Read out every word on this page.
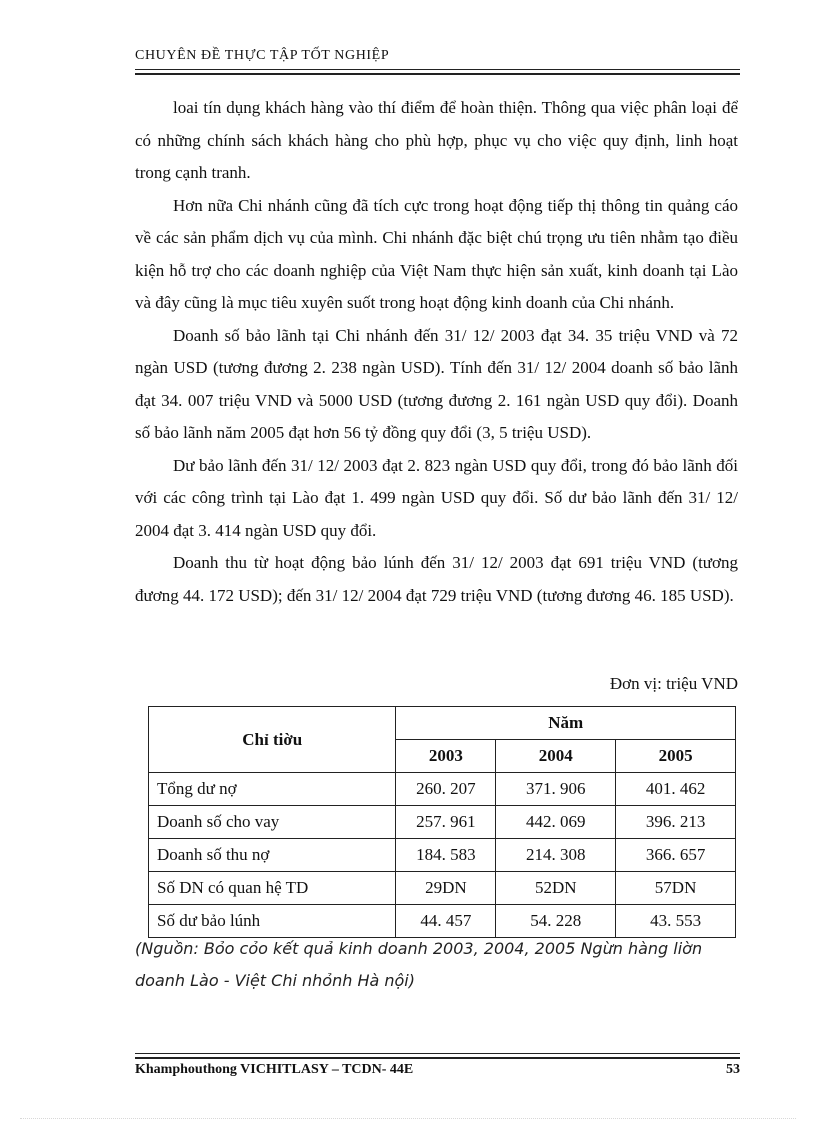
CHUYÊN ĐỀ THỰC TẬP TỐT NGHIỆP

loai tín dụng khách hàng vào thí điểm để hoàn thiện. Thông qua việc phân loại để có những chính sách khách hàng cho phù hợp, phục vụ cho việc quy định, linh hoạt trong cạnh tranh.

Hơn nữa Chi nhánh cũng đã tích cực trong hoạt động tiếp thị thông tin quảng cáo về các sản phẩm dịch vụ của mình. Chi nhánh đặc biệt chú trọng ưu tiên nhằm tạo điều kiện hỗ trợ cho các doanh nghiệp của Việt Nam thực hiện sản xuất, kinh doanh tại Lào và đây cũng là mục tiêu xuyên suốt trong hoạt động kinh doanh của Chi nhánh.

Doanh số bảo lãnh tại Chi nhánh đến 31/ 12/ 2003 đạt 34. 35 triệu VND và 72 ngàn USD (tương đương 2. 238 ngàn USD). Tính đến 31/ 12/ 2004 doanh số bảo lãnh đạt 34. 007 triệu VND và 5000 USD (tương đương 2. 161 ngàn USD quy đổi). Doanh số bảo lãnh năm 2005 đạt hơn 56 tỷ đồng quy đổi (3, 5 triệu USD).

Dư bảo lãnh đến 31/ 12/ 2003 đạt 2. 823 ngàn USD quy đổi, trong đó bảo lãnh đối với các công trình tại Lào đạt 1. 499 ngàn USD quy đổi. Số dư bảo lãnh đến 31/ 12/ 2004 đạt 3. 414 ngàn USD quy đổi.

Doanh thu từ hoạt động bảo lúnh đến 31/ 12/ 2003 đạt 691 triệu VND (tương đương 44. 172 USD); đến 31/ 12/ 2004 đạt 729 triệu VND (tương đương 46. 185 USD).

Đơn vị: triệu VND
Chỉ tiờu	Năm		
	2003	2004	2005
Tổng dư nợ	260. 207	371. 906	401. 462
Doanh số cho vay	257. 961	442. 069	396. 213
Doanh số thu nợ	184. 583	214. 308	366. 657
Số DN có quan hệ TD	29DN	52DN	57DN
Số dư bảo lúnh	44. 457	54. 228	43. 553
(Nguồn: Bỏo cỏo kết quả kinh doanh 2003, 2004, 2005 Ngừn hàng liờn doanh Lào - Việt Chi nhỏnh Hà nội)
Khamphouthong VICHITLASY – TCDN- 44E	53
